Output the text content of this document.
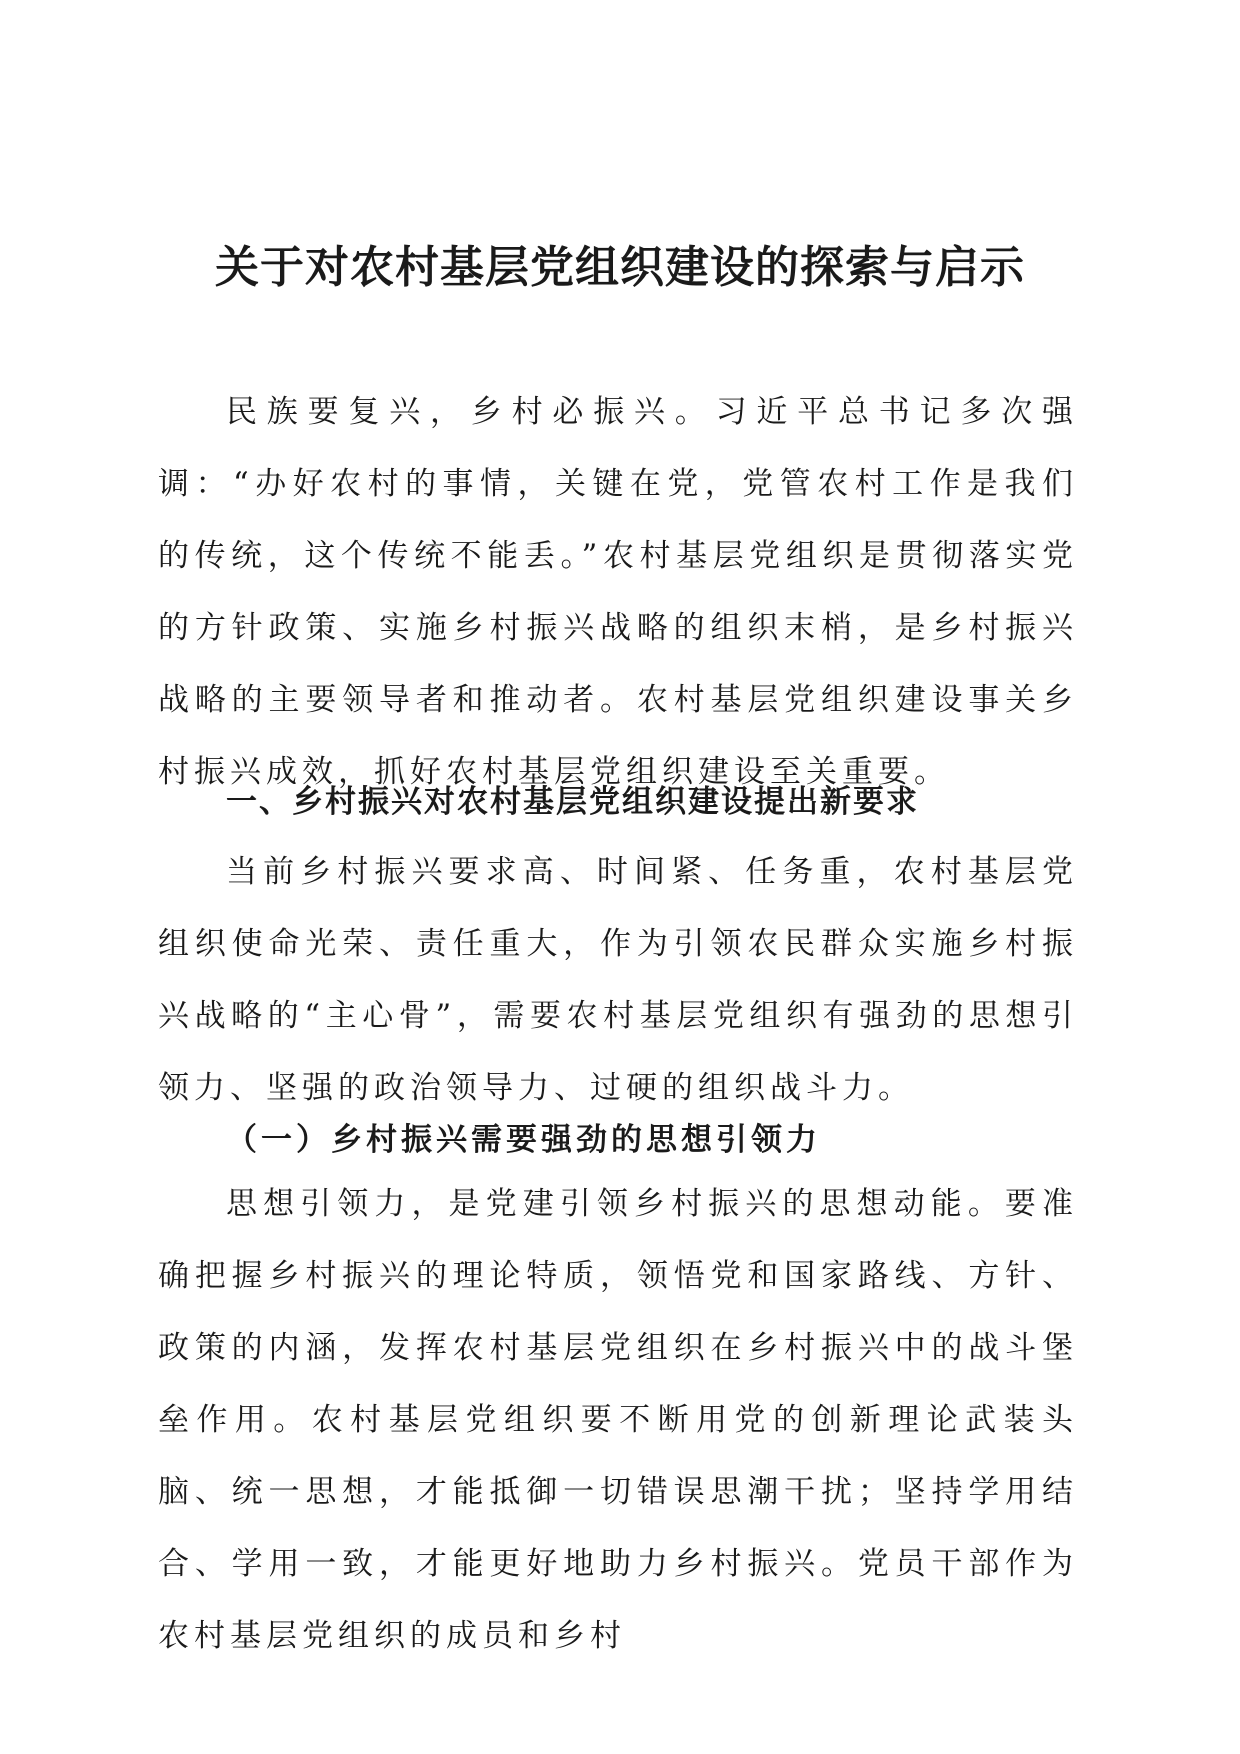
关于对农村基层党组织建设的探索与启示

民族要复兴，乡村必振兴。习近平总书记多次强调：“办好农村的事情，关键在党，党管农村工作是我们的传统，这个传统不能丢。”农村基层党组织是贯彻落实党的方针政策、实施乡村振兴战略的组织末梢，是乡村振兴战略的主要领导者和推动者。农村基层党组织建设事关乡村振兴成效，抓好农村基层党组织建设至关重要。

一、乡村振兴对农村基层党组织建设提出新要求

当前乡村振兴要求高、时间紧、任务重，农村基层党组织使命光荣、责任重大，作为引领农民群众实施乡村振兴战略的“主心骨”，需要农村基层党组织有强劲的思想引领力、坚强的政治领导力、过硬的组织战斗力。

（一）乡村振兴需要强劲的思想引领力

思想引领力，是党建引领乡村振兴的思想动能。要准确把握乡村振兴的理论特质，领悟党和国家路线、方针、政策的内涵，发挥农村基层党组织在乡村振兴中的战斗堡垒作用。农村基层党组织要不断用党的创新理论武装头脑、统一思想，才能抵御一切错误思潮干扰；坚持学用结合、学用一致，才能更好地助力乡村振兴。党员干部作为农村基层党组织的成员和乡村
